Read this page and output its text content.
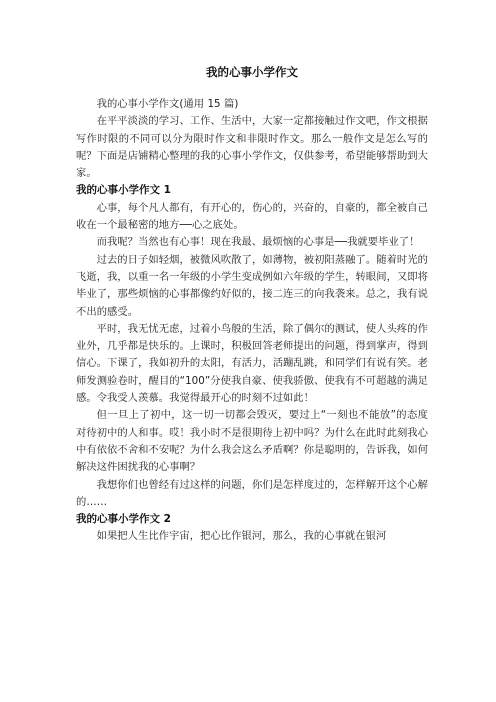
我的心事小学作文

我的心事小学作文(通用 15 篇)

在平平淡淡的学习、工作、生活中，大家一定都接触过作文吧，作文根据写作时限的不同可以分为限时作文和非限时作文。那么一般作文是怎么写的呢？下面是店铺精心整理的我的心事小学作文，仅供参考，希望能够帮助到大家。

我的心事小学作文 1

心事，每个凡人都有，有开心的，伤心的，兴奋的，自豪的，都全被自己收在一个最秘密的地方──心之底处。

而我呢？当然也有心事！现在我最、最烦恼的心事是──我就要毕业了！

过去的日子如轻烟，被微风吹散了，如薄物，被初阳蒸融了。随着时光的飞逝，我，以重一名一年级的小学生变成例如六年级的学生，转眼间，又即将毕业了，那些烦恼的心事都像约好似的，接二连三的向我袭来。总之，我有说不出的感受。

平时，我无忧无虑，过着小鸟般的生活，除了偶尔的测试，使人头疼的作业外，几乎都是快乐的。上课时，积极回答老师提出的问题，得到掌声，得到信心。下课了，我如初升的太阳，有活力，活蹦乱跳，和同学们有说有笑。老师发测验卷时，醒目的“100”分使我自豪、使我骄傲、使我有不可超越的满足感。令我受人羡慕。我觉得最开心的时刻不过如此！

但一旦上了初中，这一切一切都会毁灭，要过上“一刻也不能放”的态度对待初中的人和事。哎！我小时不是很期待上初中吗？为什么在此时此刻我心中有依依不舍和不安呢？为什么我会这么矛盾啊？你是聪明的，告诉我，如何解决这件困扰我的心事啊？

我想你们也曾经有过这样的问题，你们是怎样度过的，怎样解开这个心解的……

我的心事小学作文 2

如果把人生比作宇宙，把心比作银河，那么，我的心事就在银河
